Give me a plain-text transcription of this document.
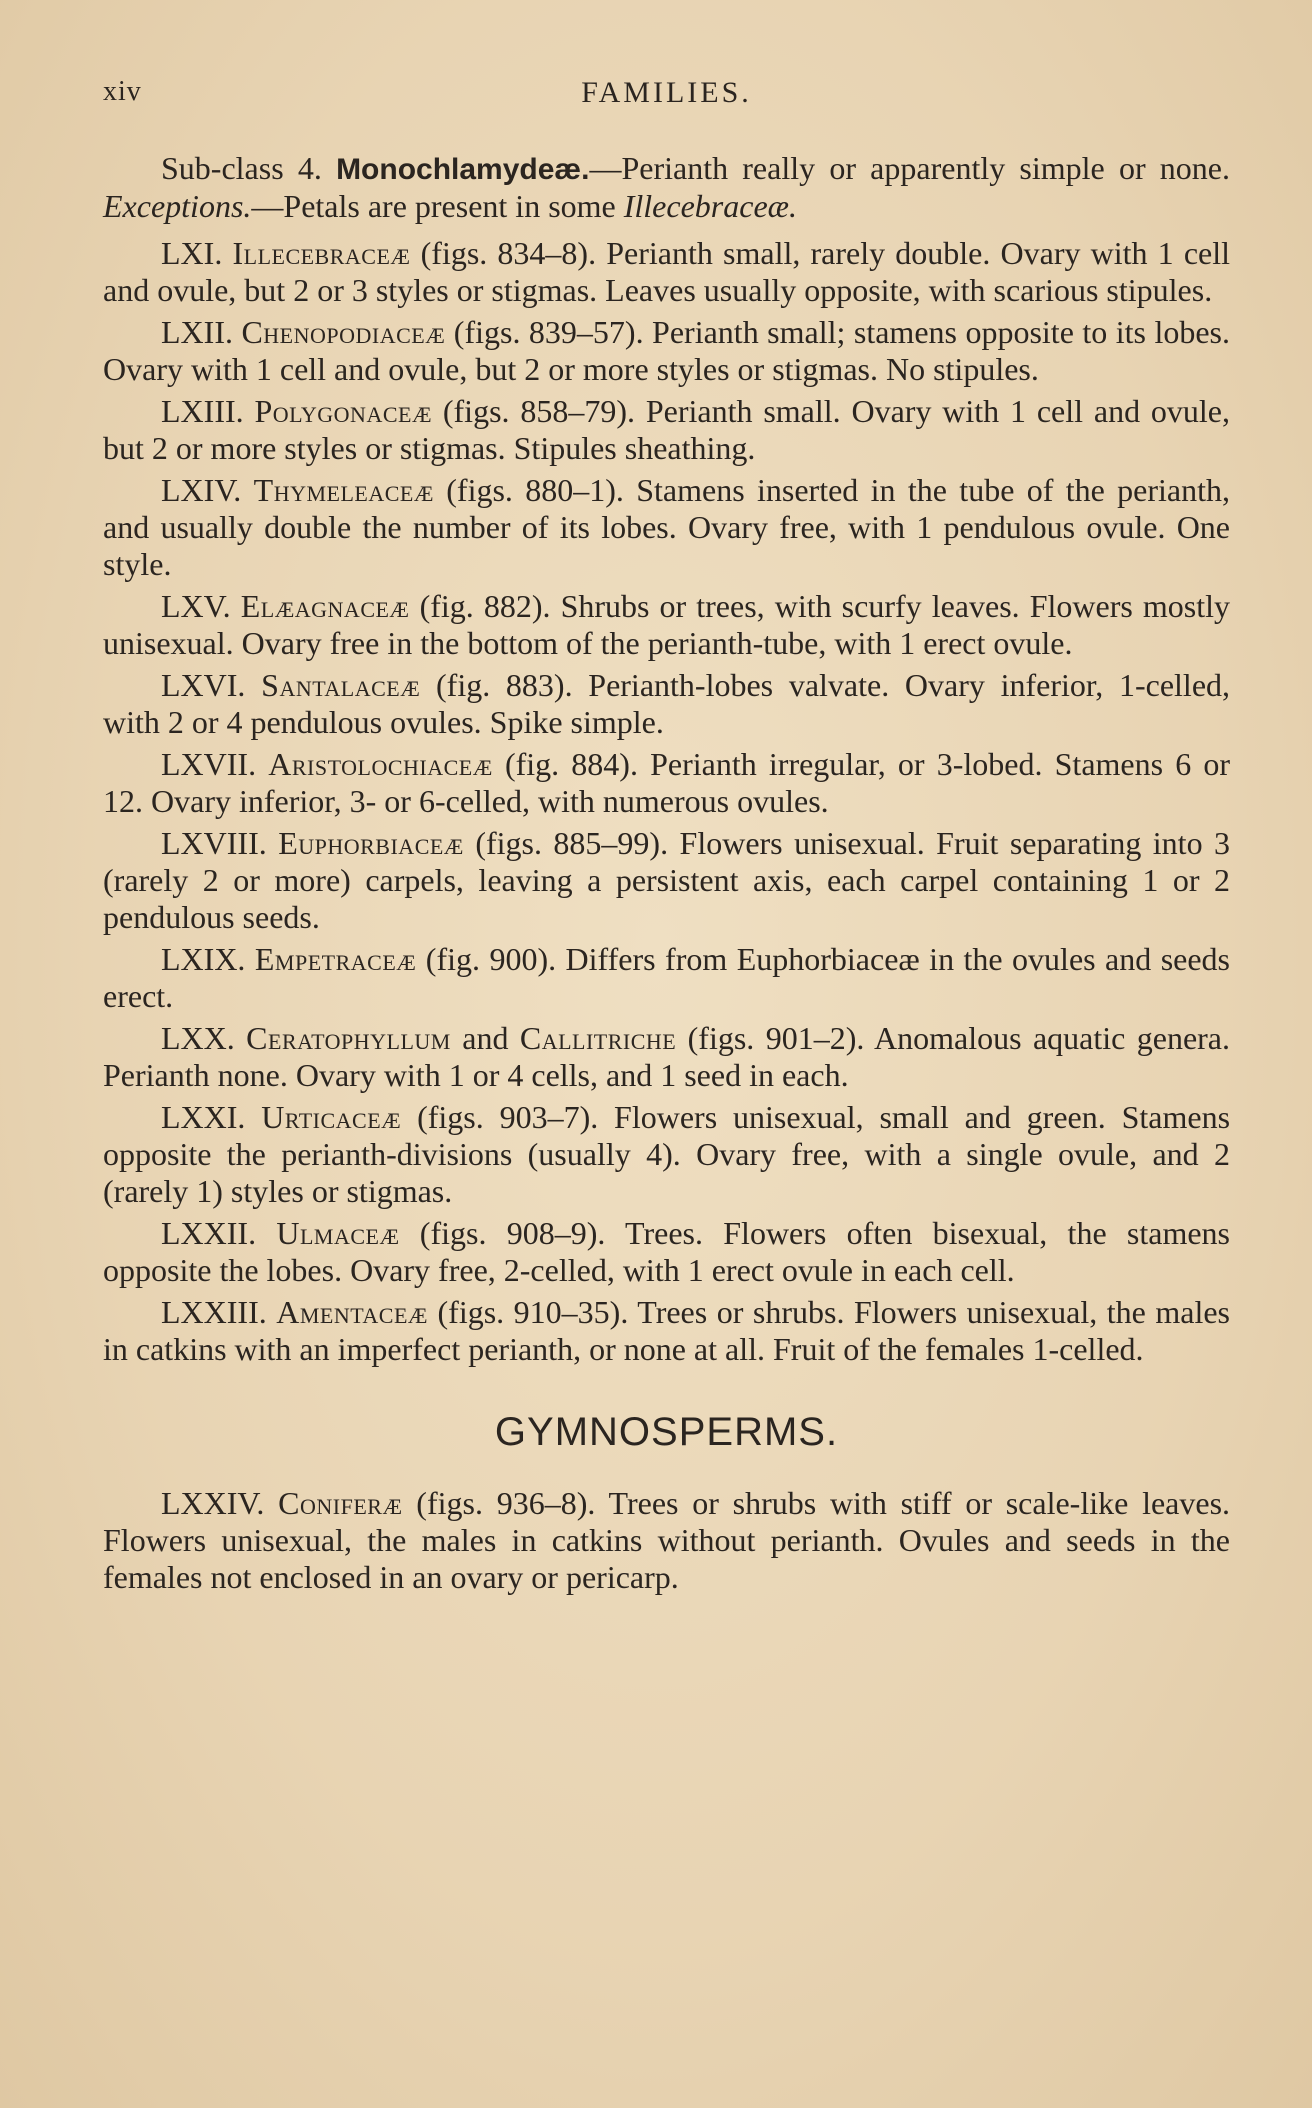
xiv	FAMILIES.

Sub-class 4. Monochlamydeæ.—Perianth really or apparently simple or none. Exceptions.—Petals are present in some Illecebraceæ.

LXI. Illecebraceæ (figs. 834–8). Perianth small, rarely double. Ovary with 1 cell and ovule, but 2 or 3 styles or stigmas. Leaves usually opposite, with scarious stipules.

LXII. Chenopodiaceæ (figs. 839–57). Perianth small; stamens opposite to its lobes. Ovary with 1 cell and ovule, but 2 or more styles or stigmas. No stipules.

LXIII. Polygonaceæ (figs. 858–79). Perianth small. Ovary with 1 cell and ovule, but 2 or more styles or stigmas. Stipules sheathing.

LXIV. Thymeleaceæ (figs. 880–1). Stamens inserted in the tube of the perianth, and usually double the number of its lobes. Ovary free, with 1 pendulous ovule. One style.

LXV. Elæagnaceæ (fig. 882). Shrubs or trees, with scurfy leaves. Flowers mostly unisexual. Ovary free in the bottom of the perianth-tube, with 1 erect ovule.

LXVI. Santalaceæ (fig. 883). Perianth-lobes valvate. Ovary inferior, 1-celled, with 2 or 4 pendulous ovules. Spike simple.

LXVII. Aristolochiaceæ (fig. 884). Perianth irregular, or 3-lobed. Stamens 6 or 12. Ovary inferior, 3- or 6-celled, with numerous ovules.

LXVIII. Euphorbiaceæ (figs. 885–99). Flowers unisexual. Fruit separating into 3 (rarely 2 or more) carpels, leaving a persistent axis, each carpel containing 1 or 2 pendulous seeds.

LXIX. Empetraceæ (fig. 900). Differs from Euphorbiaceæ in the ovules and seeds erect.

LXX. Ceratophyllum and Callitriche (figs. 901–2). Anomalous aquatic genera. Perianth none. Ovary with 1 or 4 cells, and 1 seed in each.

LXXI. Urticaceæ (figs. 903–7). Flowers unisexual, small and green. Stamens opposite the perianth-divisions (usually 4). Ovary free, with a single ovule, and 2 (rarely 1) styles or stigmas.

LXXII. Ulmaceæ (figs. 908–9). Trees. Flowers often bisexual, the stamens opposite the lobes. Ovary free, 2-celled, with 1 erect ovule in each cell.

LXXIII. Amentaceæ (figs. 910–35). Trees or shrubs. Flowers unisexual, the males in catkins with an imperfect perianth, or none at all. Fruit of the females 1-celled.

GYMNOSPERMS.

LXXIV. Coniferæ (figs. 936–8). Trees or shrubs with stiff or scale-like leaves. Flowers unisexual, the males in catkins without perianth. Ovules and seeds in the females not enclosed in an ovary or pericarp.
